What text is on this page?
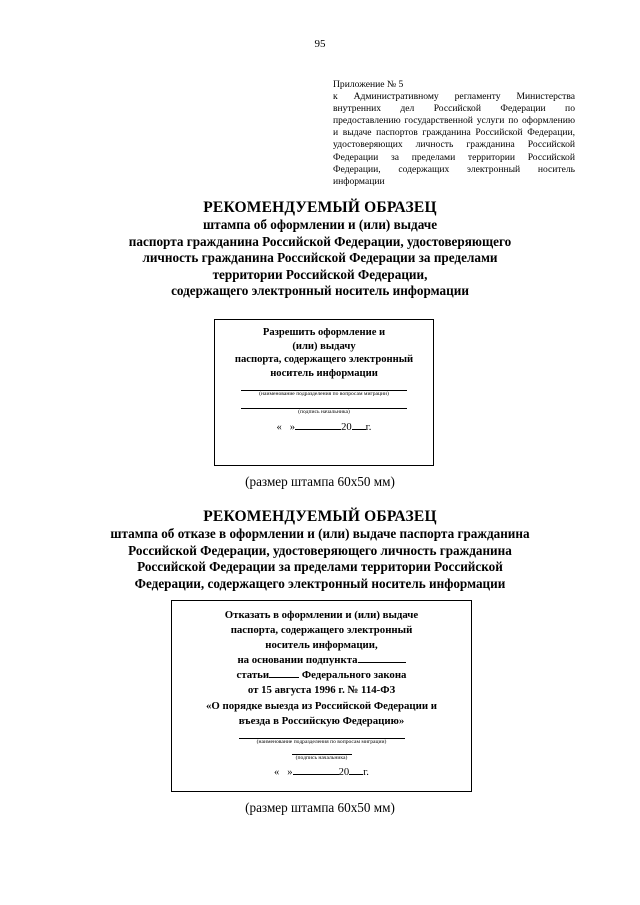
95
Приложение № 5
к Административному регламенту Министерства внутренних дел Российской Федерации по предоставлению государственной услуги по оформлению и выдаче паспортов гражданина Российской Федерации, удостоверяющих личность гражданина Российской Федерации за пределами территории Российской Федерации, содержащих электронный носитель информации
РЕКОМЕНДУЕМЫЙ ОБРАЗЕЦ
штампа об оформлении и (или) выдаче
паспорта гражданина Российской Федерации, удостоверяющего
личность гражданина Российской Федерации за пределами
территории Российской Федерации,
содержащего электронный носитель информации
Разрешить оформление и
(или) выдачу
паспорта, содержащего электронный
носитель информации
(наименование подразделения по вопросам миграции)
(подпись начальника)
« »	20 г.
(размер штампа 60х50 мм)
РЕКОМЕНДУЕМЫЙ ОБРАЗЕЦ
штампа об отказе в оформлении и (или) выдаче паспорта гражданина
Российской Федерации, удостоверяющего личность гражданина
Российской Федерации за пределами территории Российской
Федерации, содержащего электронный носитель информации
Отказать в оформлении и (или) выдаче
паспорта, содержащего электронный
носитель информации,
на основании подпункта
статьи	Федерального закона
от 15 августа 1996 г. № 114-ФЗ
«О порядке выезда из Российской Федерации и
въезда в Российскую Федерацию»
(наименование подразделения по вопросам миграции)
(подпись начальника)
« »	20 г.
(размер штампа 60х50 мм)
